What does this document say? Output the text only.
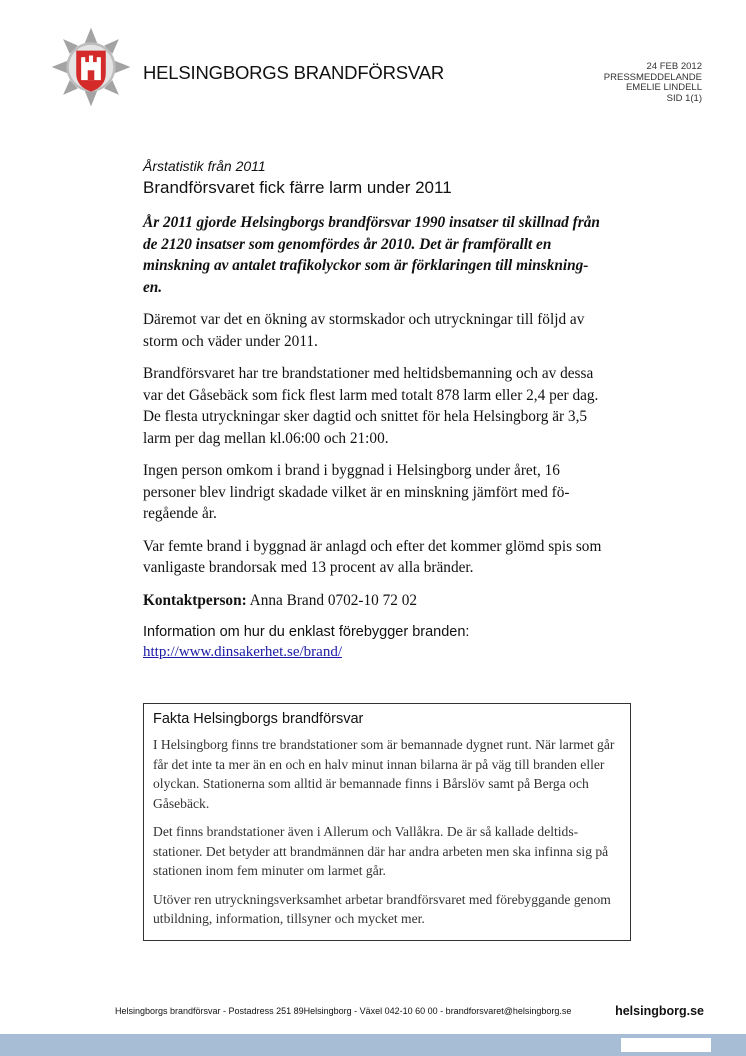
HELSINGBORGS BRANDFÖRSVAR	24 FEB 2012
PRESSMEDDELANDE
EMELIE LINDELL
SID 1(1)
Årstatistik från 2011
Brandförsvaret fick färre larm under 2011

År 2011 gjorde Helsingborgs brandförsvar 1990 insatser til skillnad från de 2120 insatser som genomfördes år 2010. Det är framförallt en minskning av antalet trafikolyckor som är förklaringen till minskning-en.

Däremot var det en ökning av stormskador och utryckningar till följd av storm och väder under 2011.

Brandförsvaret har tre brandstationer med heltidsbemanning och av dessa var det Gåsebäck som fick flest larm med totalt 878 larm eller 2,4 per dag. De flesta utryckningar sker dagtid och snittet för hela Helsingborg är 3,5 larm per dag mellan kl.06:00 och 21:00.

Ingen person omkom i brand i byggnad i Helsingborg under året, 16 personer blev lindrigt skadade vilket är en minskning jämfört med fö-regående år.

Var femte brand i byggnad är anlagd och efter det kommer glömd spis som vanligaste brandorsak med 13 procent av alla bränder.

Kontaktperson: Anna Brand 0702-10 72 02

Information om hur du enklast förebygger branden:
http://www.dinsakerhet.se/brand/
Fakta Helsingborgs brandförsvar

I Helsingborg finns tre brandstationer som är bemannade dygnet runt. När larmet går får det inte ta mer än en och en halv minut innan bilarna är på väg till branden eller olyckan. Stationerna som alltid är bemannade finns i Bårslöv samt på Berga och Gåsebäck.

Det finns brandstationer även i Allerum och Vallåkra. De är så kallade deltids-stationer. Det betyder att brandmännen där har andra arbeten men ska infinna sig på stationen inom fem minuter om larmet går.

Utöver ren utryckningsverksamhet arbetar brandförsvaret med förebyggande genom utbildning, information, tillsyner och mycket mer.

Helsingborgs brandförsvar - Postadress 251 89Helsingborg - Växel 042-10 60 00 - brandforsvaret@helsingborg.se	helsingborg.se
